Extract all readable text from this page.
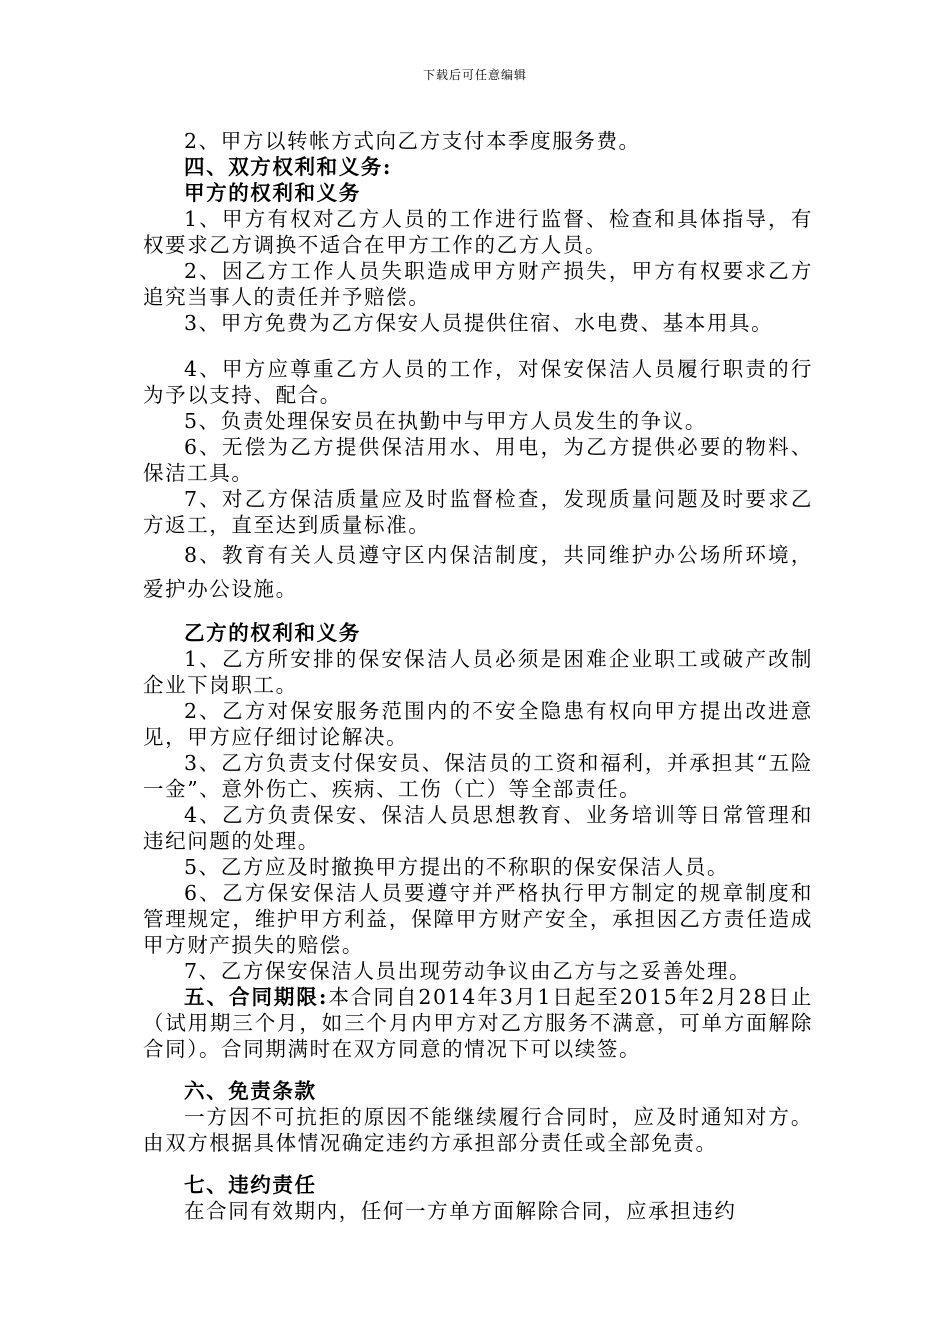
下载后可任意编辑

2、甲方以转帐方式向乙方支付本季度服务费。

四、双方权利和义务:

甲方的权利和义务

1、甲方有权对乙方人员的工作进行监督、检查和具体指导，有权要求乙方调换不适合在甲方工作的乙方人员。

2、因乙方工作人员失职造成甲方财产损失，甲方有权要求乙方追究当事人的责任并予赔偿。

3、甲方免费为乙方保安人员提供住宿、水电费、基本用具。

4、甲方应尊重乙方人员的工作，对保安保洁人员履行职责的行为予以支持、配合。

5、负责处理保安员在执勤中与甲方人员发生的争议。

6、无偿为乙方提供保洁用水、用电，为乙方提供必要的物料、保洁工具。

7、对乙方保洁质量应及时监督检查，发现质量问题及时要求乙方返工，直至达到质量标准。

8、教育有关人员遵守区内保洁制度，共同维护办公场所环境，爱护办公设施。

乙方的权利和义务

1、乙方所安排的保安保洁人员必须是困难企业职工或破产改制企业下岗职工。

2、乙方对保安服务范围内的不安全隐患有权向甲方提出改进意见，甲方应仔细讨论解决。

3、乙方负责支付保安员、保洁员的工资和福利，并承担其“五险一金”、意外伤亡、疾病、工伤（亡）等全部责任。

4、乙方负责保安、保洁人员思想教育、业务培训等日常管理和违纪问题的处理。

5、乙方应及时撤换甲方提出的不称职的保安保洁人员。

6、乙方保安保洁人员要遵守并严格执行甲方制定的规章制度和管理规定，维护甲方利益，保障甲方财产安全，承担因乙方责任造成甲方财产损失的赔偿。

7、乙方保安保洁人员出现劳动争议由乙方与之妥善处理。

五、合同期限:本合同自2014年3月1日起至2015年2月28日止（试用期三个月，如三个月内甲方对乙方服务不满意，可单方面解除合同）。合同期满时在双方同意的情况下可以续签。

六、免责条款

一方因不可抗拒的原因不能继续履行合同时，应及时通知对方。由双方根据具体情况确定违约方承担部分责任或全部免责。

七、违约责任

在合同有效期内，任何一方单方面解除合同，应承担违约
